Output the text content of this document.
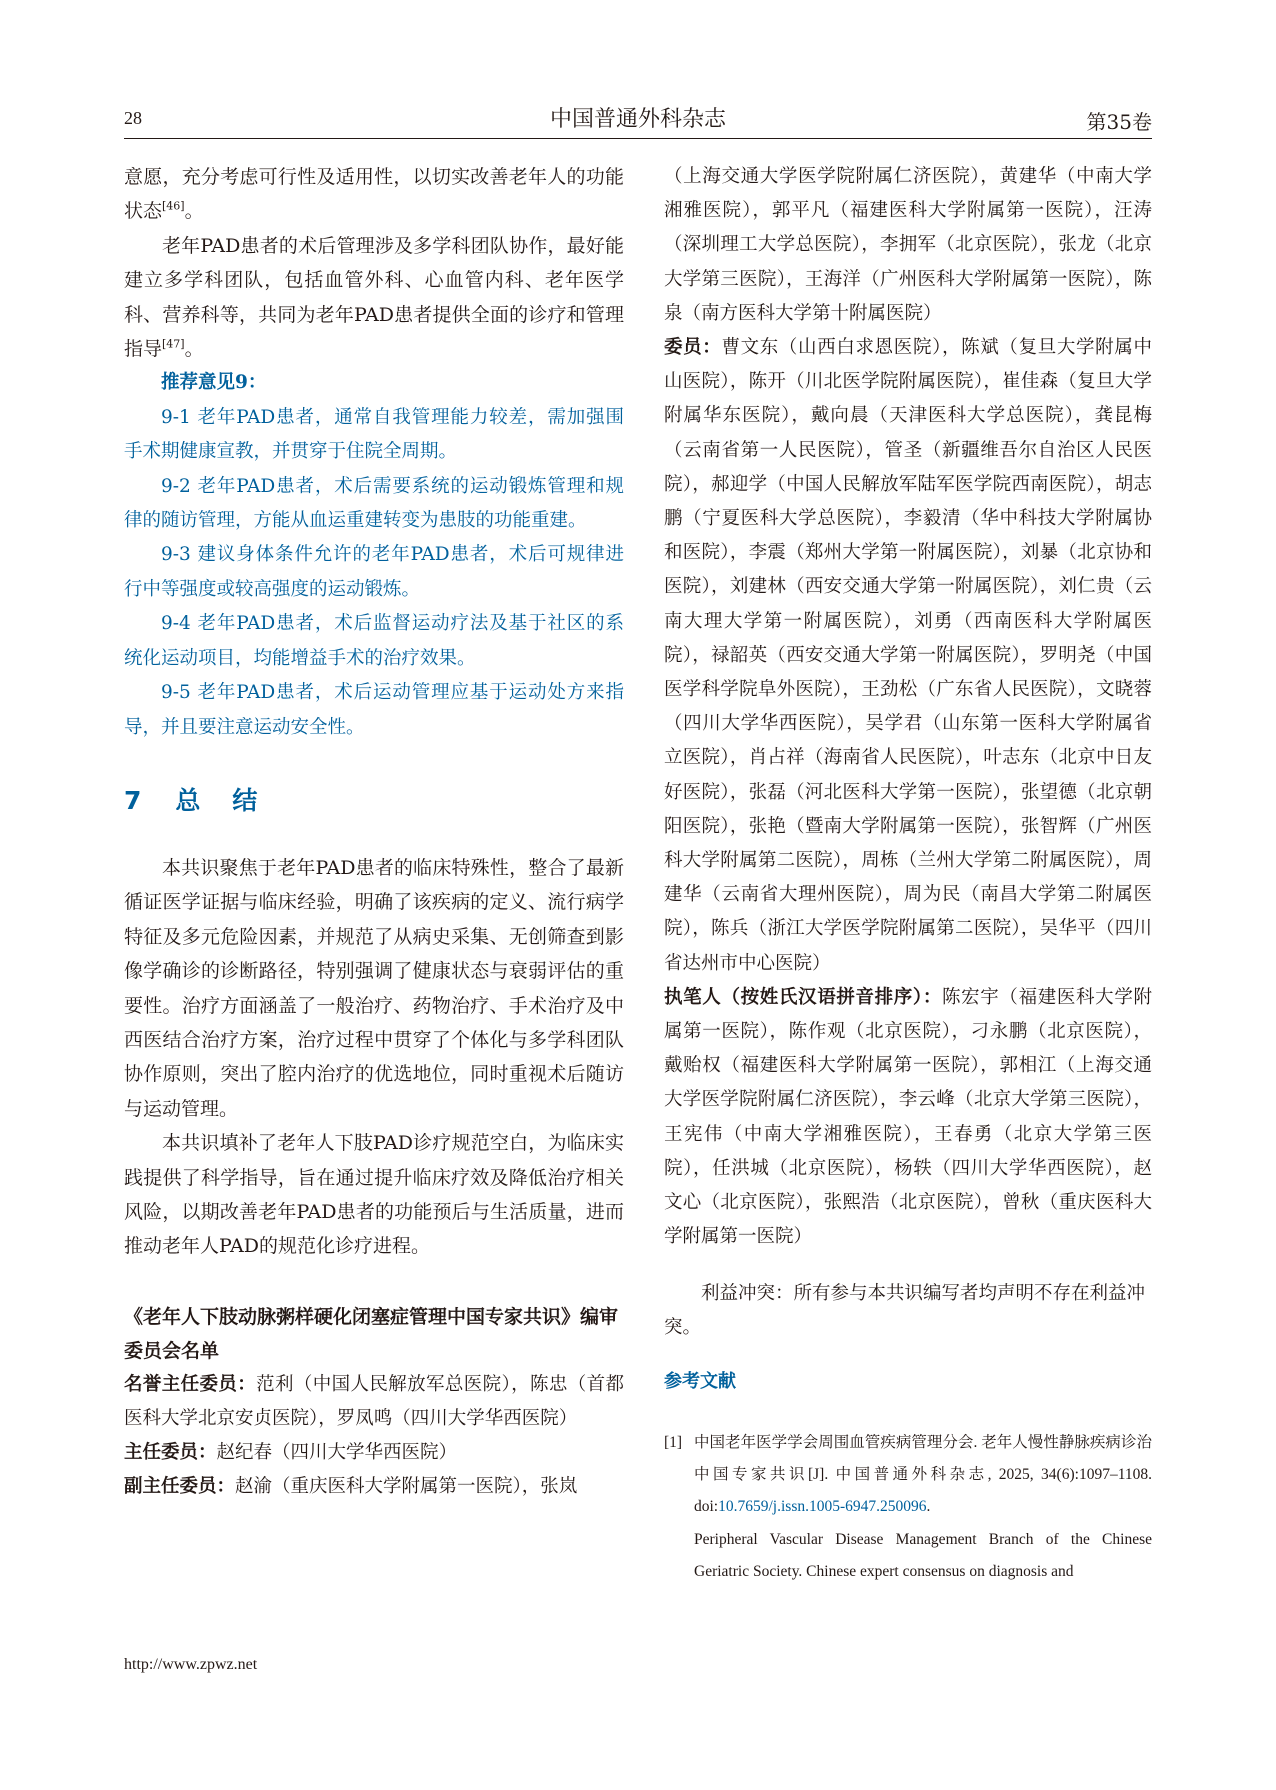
28	中国普通外科杂志	第35卷

意愿，充分考虑可行性及适用性，以切实改善老年人的功能状态[46]。

老年PAD患者的术后管理涉及多学科团队协作，最好能建立多学科团队，包括血管外科、心血管内科、老年医学科、营养科等，共同为老年PAD患者提供全面的诊疗和管理指导[47]。

推荐意见9：

9-1 老年PAD患者，通常自我管理能力较差，需加强围手术期健康宣教，并贯穿于住院全周期。

9-2 老年PAD患者，术后需要系统的运动锻炼管理和规律的随访管理，方能从血运重建转变为患肢的功能重建。

9-3 建议身体条件允许的老年PAD患者，术后可规律进行中等强度或较高强度的运动锻炼。

9-4 老年PAD患者，术后监督运动疗法及基于社区的系统化运动项目，均能增益手术的治疗效果。

9-5 老年PAD患者，术后运动管理应基于运动处方来指导，并且要注意运动安全性。

7 总 结

本共识聚焦于老年PAD患者的临床特殊性，整合了最新循证医学证据与临床经验，明确了该疾病的定义、流行病学特征及多元危险因素，并规范了从病史采集、无创筛查到影像学确诊的诊断路径，特别强调了健康状态与衰弱评估的重要性。治疗方面涵盖了一般治疗、药物治疗、手术治疗及中西医结合治疗方案，治疗过程中贯穿了个体化与多学科团队协作原则，突出了腔内治疗的优选地位，同时重视术后随访与运动管理。

本共识填补了老年人下肢PAD诊疗规范空白，为临床实践提供了科学指导，旨在通过提升临床疗效及降低治疗相关风险，以期改善老年PAD患者的功能预后与生活质量，进而推动老年人PAD的规范化诊疗进程。

《老年人下肢动脉粥样硬化闭塞症管理中国专家共识》编审委员会名单

名誉主任委员：范利（中国人民解放军总医院），陈忠（首都医科大学北京安贞医院），罗凤鸣（四川大学华西医院）

主任委员：赵纪春（四川大学华西医院）

副主任委员：赵渝（重庆医科大学附属第一医院），张岚

（上海交通大学医学院附属仁济医院），黄建华（中南大学湘雅医院），郭平凡（福建医科大学附属第一医院），汪涛（深圳理工大学总医院），李拥军（北京医院），张龙（北京大学第三医院），王海洋（广州医科大学附属第一医院），陈泉（南方医科大学第十附属医院）

委员：曹文东（山西白求恩医院），陈斌（复旦大学附属中山医院），陈开（川北医学院附属医院），崔佳森（复旦大学附属华东医院），戴向晨（天津医科大学总医院），龚昆梅（云南省第一人民医院），管圣（新疆维吾尔自治区人民医院），郝迎学（中国人民解放军陆军医学院西南医院），胡志鹏（宁夏医科大学总医院），李毅清（华中科技大学附属协和医院），李震（郑州大学第一附属医院），刘暴（北京协和医院），刘建林（西安交通大学第一附属医院），刘仁贵（云南大理大学第一附属医院），刘勇（西南医科大学附属医院），禄韶英（西安交通大学第一附属医院），罗明尧（中国医学科学院阜外医院），王劲松（广东省人民医院），文晓蓉（四川大学华西医院），吴学君（山东第一医科大学附属省立医院），肖占祥（海南省人民医院），叶志东（北京中日友好医院），张磊（河北医科大学第一医院），张望德（北京朝阳医院），张艳（暨南大学附属第一医院），张智辉（广州医科大学附属第二医院），周栋（兰州大学第二附属医院），周建华（云南省大理州医院），周为民（南昌大学第二附属医院），陈兵（浙江大学医学院附属第二医院），吴华平（四川省达州市中心医院）

执笔人（按姓氏汉语拼音排序）：陈宏宇（福建医科大学附属第一医院），陈作观（北京医院），刁永鹏（北京医院），戴贻权（福建医科大学附属第一医院），郭相江（上海交通大学医学院附属仁济医院），李云峰（北京大学第三医院），王宪伟（中南大学湘雅医院），王春勇（北京大学第三医院），任洪城（北京医院），杨轶（四川大学华西医院），赵文心（北京医院），张熙浩（北京医院），曾秋（重庆医科大学附属第一医院）

利益冲突：所有参与本共识编写者均声明不存在利益冲突。

参考文献

[1] 中国老年医学学会周围血管疾病管理分会. 老年人慢性静脉疾病诊治中国专家共识[J]. 中国普通外科杂志, 2025, 34(6):1097–1108. doi:10.7659/j.issn.1005-6947.250096.
Peripheral Vascular Disease Management Branch of the Chinese Geriatric Society. Chinese expert consensus on diagnosis and
http://www.zpwz.net
